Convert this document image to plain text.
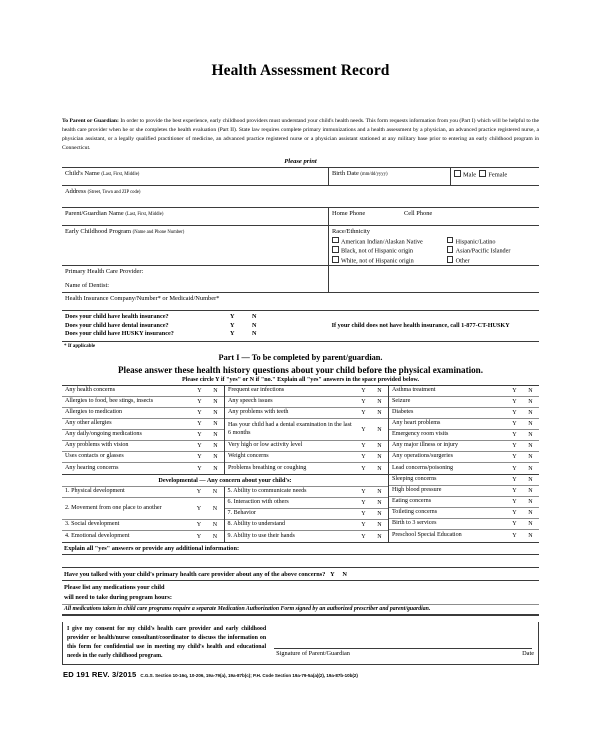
Health Assessment Record
To Parent or Guardian: In order to provide the best experience, early childhood providers must understand your child's health needs. This form requests information from you (Part I) which will be helpful to the health care provider when he or she completes the health evaluation (Part II). State law requires complete primary immunizations and a health assessment by a physician, an advanced practice registered nurse, a physician assistant, or a legally qualified practitioner of medicine, an advanced practice registered nurse or a physician assistant stationed at any military base prior to entering an early childhood program in Connecticut.
Please print
Child's Name (Last, First, Middle)	Birth Date (mm/dd/yyyy)	Male Female
Address (Street, Town and ZIP code)
Parent/Guardian Name (Last, First, Middle)	Home Phone	Cell Phone
Early Childhood Program (Name and Phone Number)	Race/Ethnicity
American Indian/Alaskan Native
Black, not of Hispanic origin
White, not of Hispanic origin
Hispanic/Latino
Asian/Pacific Islander
Other
Primary Health Care Provider:
Name of Dentist:
Health Insurance Company/Number* or Medicaid/Number*
Does your child have health insurance?	Y	N
Does your child have dental insurance?	Y	N
Does your child have HUSKY insurance?	Y	N
If your child does not have health insurance, call 1-877-CT-HUSKY
* If applicable
Part I — To be completed by parent/guardian.
Please answer these health history questions about your child before the physical examination.
Please circle Y if "yes" or N if "no." Explain all "yes" answers in the space provided below.
Any health concerns	Y	N
Allergies to food, bee stings, insects	Y	N
Allergies to medication	Y	N
Any other allergies	Y	N
Any daily/ongoing medications	Y	N
Any problems with vision	Y	N
Uses contacts or glasses	Y	N
Any hearing concerns	Y	N
Frequent ear infections	Y	N
Any speech issues	Y	N
Any problems with teeth	Y	N
Has your child had a dental examination in the last 6 months	Y	N
Very high or low activity level	Y	N
Weight concerns	Y	N
Problems breathing or coughing	Y	N
Asthma treatment	Y	N
Seizure	Y	N
Diabetes	Y	N
Any heart problems	Y	N
Emergency room visits	Y	N
Any major illness or injury	Y	N
Any operations/surgeries	Y	N
Lead concerns/poisoning	Y	N
Developmental — Any concern about your child's:
1. Physical development	Y	N
2. Movement from one place to another	Y	N
3. Social development	Y	N
4. Emotional development	Y	N
5. Ability to communicate needs	Y	N
6. Interaction with others	Y	N
7. Behavior	Y	N
8. Ability to understand	Y	N
9. Ability to use their hands	Y	N
Sleeping concerns	Y	N
High blood pressure	Y	N
Eating concerns	Y	N
Toileting concerns	Y	N
Birth to 3 services	Y	N
Preschool Special Education	Y	N
Explain all "yes" answers or provide any additional information:
Have you talked with your child's primary health care provider about any of the above concerns? Y N
Please list any medications your child
will need to take during program hours:
All medications taken in child care programs require a separate Medication Authorization Form signed by an authorized prescriber and parent/guardian.
I give my consent for my child's health care provider and early childhood provider or health/nurse consultant/coordinator to discuss the information on this form for confidential use in meeting my child's health and educational needs in the early childhood program.	Signature of Parent/Guardian	Date
ED 191 REV. 3/2015 C.G.S. Section 10-16q, 10-206, 19a-79(a), 19a-87b(c); P.H. Code Section 19a-79-5a(a)(2), 19a-87b-10b(2)
